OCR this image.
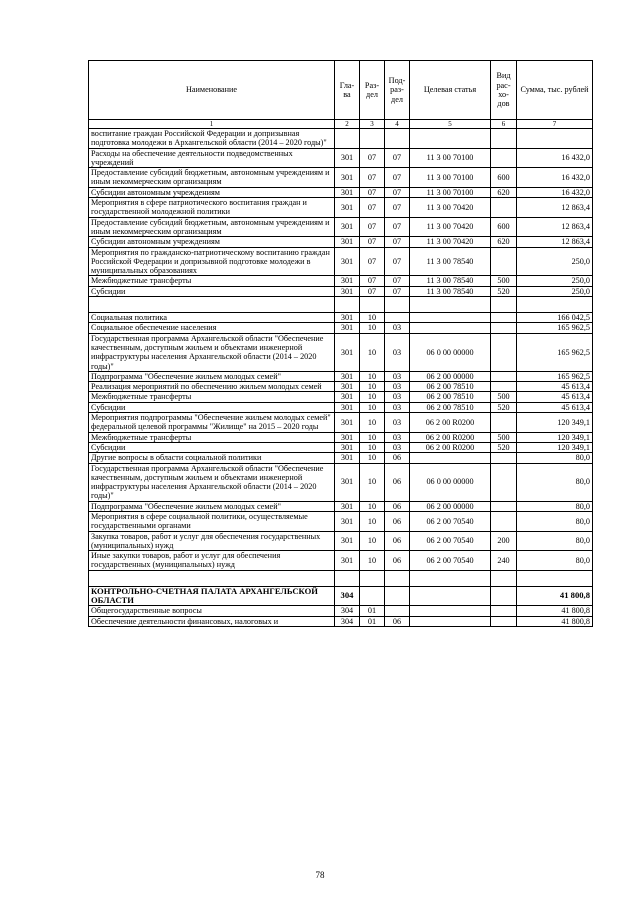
Наименование	Гла-ва	Раз-дел	Под-раз-дел	Целевая статья	Вид рас-хо-дов	Сумма, тыс. рублей
1	2	3	4	5	6	7
воспитание граждан Российской Федерации и допризывная подготовка молодежи в Архангельской области (2014 – 2020 годы)"						
Расходы на обеспечение деятельности подведомственных учреждений	301	07	07	11 3 00 70100		16 432,0
Предоставление субсидий бюджетным, автономным учреждениям и иным некоммерческим организациям	301	07	07	11 3 00 70100	600	16 432,0
Субсидии автономным учреждениям	301	07	07	11 3 00 70100	620	16 432,0
Мероприятия в сфере патриотического воспитания граждан и государственной молодежной политики	301	07	07	11 3 00 70420		12 863,4
Предоставление субсидий бюджетным, автономным учреждениям и иным некоммерческим организациям	301	07	07	11 3 00 70420	600	12 863,4
Субсидии автономным учреждениям	301	07	07	11 3 00 70420	620	12 863,4
Мероприятия по гражданско-патриотическому воспитанию граждан Российской Федерации и допризывной подготовке молодежи в муниципальных образованиях	301	07	07	11 3 00 78540		250,0
Межбюджетные трансферты	301	07	07	11 3 00 78540	500	250,0
Субсидии	301	07	07	11 3 00 78540	520	250,0

Социальная политика	301	10				166 042,5
Социальное обеспечение населения	301	10	03			165 962,5
Государственная программа Архангельской области "Обеспечение качественным, доступным жильем и объектами инженерной инфраструктуры населения Архангельской области (2014 – 2020 годы)"	301	10	03	06 0 00 00000		165 962,5
Подпрограмма "Обеспечение жильем молодых семей"	301	10	03	06 2 00 00000		165 962,5
Реализация мероприятий по обеспечению жильем молодых семей	301	10	03	06 2 00 78510		45 613,4
Межбюджетные трансферты	301	10	03	06 2 00 78510	500	45 613,4
Субсидии	301	10	03	06 2 00 78510	520	45 613,4
Мероприятия подпрограммы "Обеспечение жильем молодых семей" федеральной целевой программы "Жилище" на 2015 – 2020 годы	301	10	03	06 2 00 R0200		120 349,1
Межбюджетные трансферты	301	10	03	06 2 00 R0200	500	120 349,1
Субсидии	301	10	03	06 2 00 R0200	520	120 349,1
Другие вопросы в области социальной политики	301	10	06			80,0
Государственная программа Архангельской области "Обеспечение качественным, доступным жильем и объектами инженерной инфраструктуры населения Архангельской области (2014 – 2020 годы)"	301	10	06	06 0 00 00000		80,0
Подпрограмма "Обеспечение жильем молодых семей"	301	10	06	06 2 00 00000		80,0
Мероприятия в сфере социальной политики, осуществляемые государственными органами	301	10	06	06 2 00 70540		80,0
Закупка товаров, работ и услуг для обеспечения государственных (муниципальных) нужд	301	10	06	06 2 00 70540	200	80,0
Иные закупки товаров, работ и услуг для обеспечения государственных (муниципальных) нужд	301	10	06	06 2 00 70540	240	80,0

КОНТРОЛЬНО-СЧЕТНАЯ ПАЛАТА АРХАНГЕЛЬСКОЙ ОБЛАСТИ	304					41 800,8
Общегосударственные вопросы	304	01				41 800,8
Обеспечение деятельности финансовых, налоговых и	304	01	06			41 800,8
78
